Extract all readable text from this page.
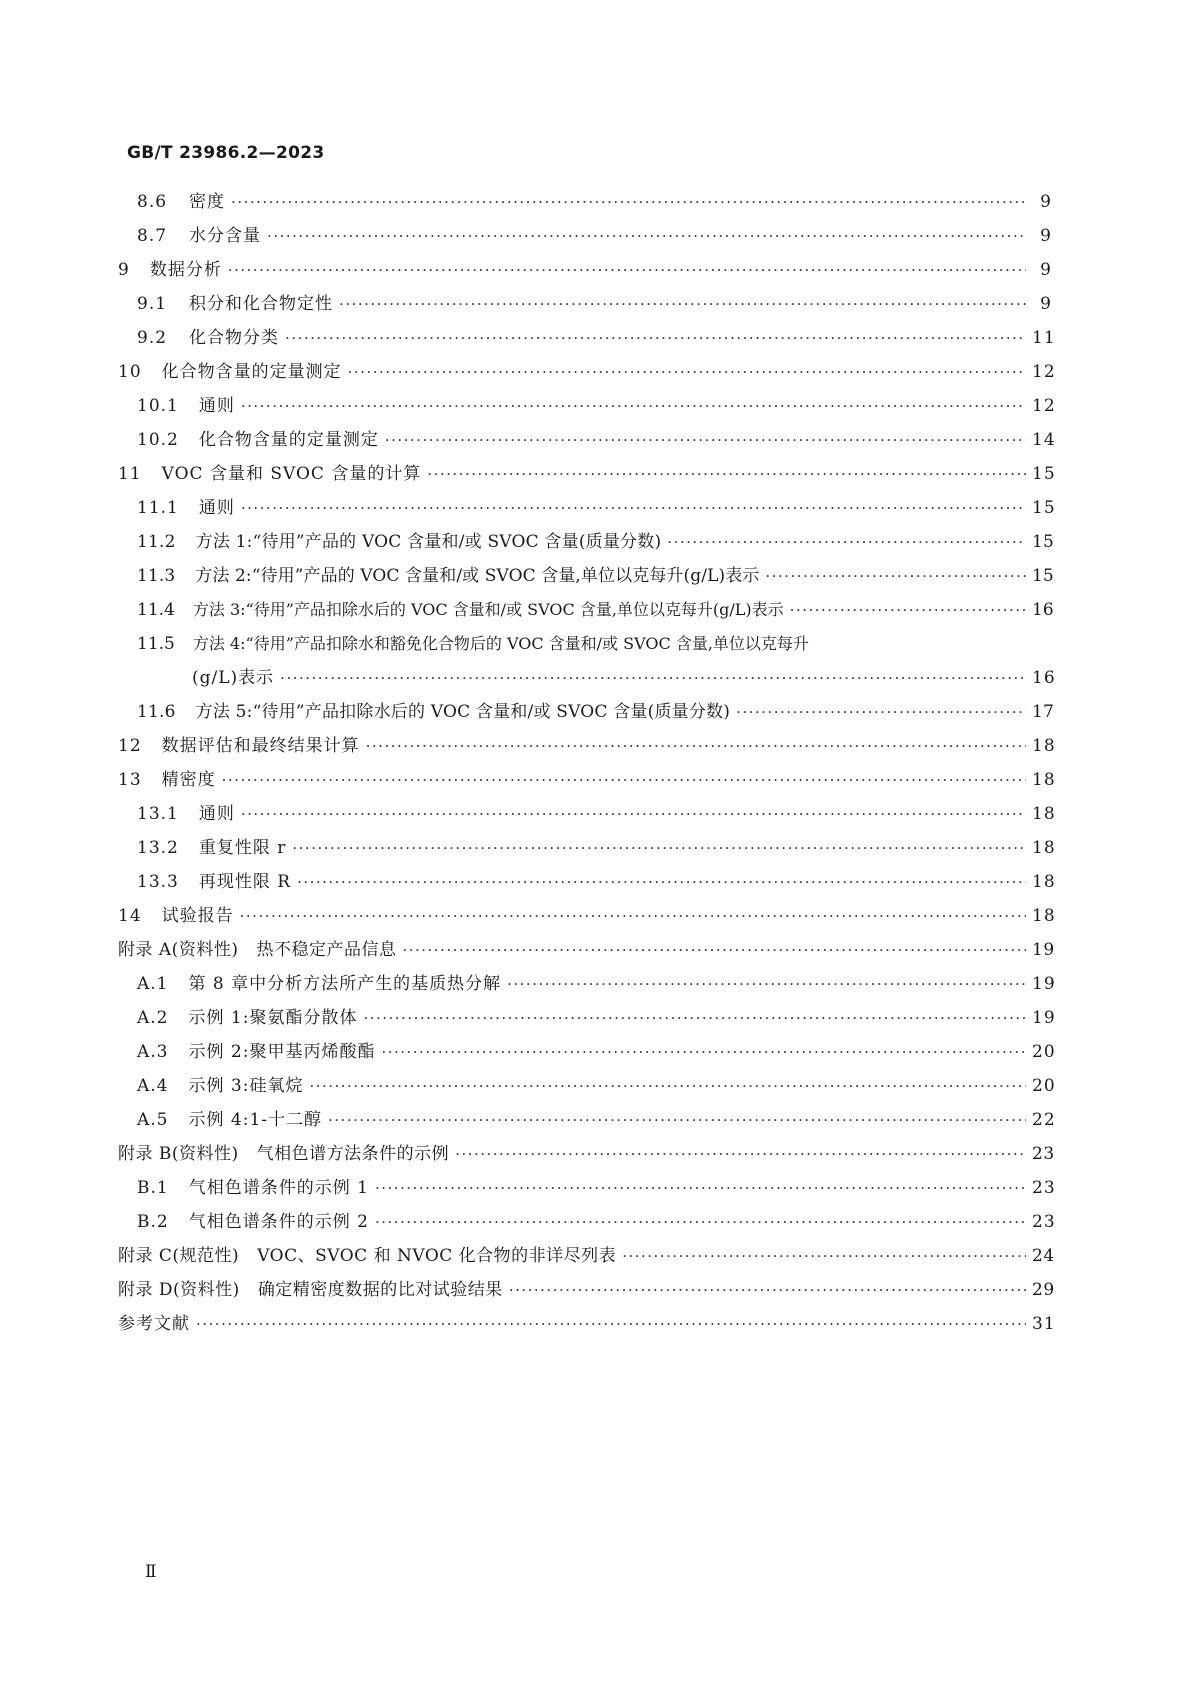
GB/T 23986.2—2023
8.6 密度 ·····	9
8.7 水分含量 ·····	9
9 数据分析 ·····	9
9.1 积分和化合物定性 ·····	9
9.2 化合物分类 ·····	11
10 化合物含量的定量测定 ·····	12
10.1 通则 ·····	12
10.2 化合物含量的定量测定 ·····	14
11 VOC 含量和 SVOC 含量的计算 ·····	15
11.1 通则 ·····	15
11.2 方法 1:“待用”产品的 VOC 含量和/或 SVOC 含量(质量分数) ·····	15
11.3 方法 2:“待用”产品的 VOC 含量和/或 SVOC 含量,单位以克每升(g/L)表示 ·····	15
11.4 方法 3:“待用”产品扣除水后的 VOC 含量和/或 SVOC 含量,单位以克每升(g/L)表示 ·····	16
11.5 方法 4:“待用”产品扣除水和豁免化合物后的 VOC 含量和/或 SVOC 含量,单位以克每升
(g/L)表示 ·····	16
11.6 方法 5:“待用”产品扣除水后的 VOC 含量和/或 SVOC 含量(质量分数) ·····	17
12 数据评估和最终结果计算 ·····	18
13 精密度 ·····	18
13.1 通则 ·····	18
13.2 重复性限 r ·····	18
13.3 再现性限 R ·····	18
14 试验报告 ·····	18
附录 A(资料性) 热不稳定产品信息 ·····	19
A.1 第 8 章中分析方法所产生的基质热分解 ·····	19
A.2 示例 1:聚氨酯分散体 ·····	19
A.3 示例 2:聚甲基丙烯酸酯 ·····	20
A.4 示例 3:硅氧烷 ·····	20
A.5 示例 4:1-十二醇 ·····	22
附录 B(资料性) 气相色谱方法条件的示例 ·····	23
B.1 气相色谱条件的示例 1 ·····	23
B.2 气相色谱条件的示例 2 ·····	23
附录 C(规范性) VOC、SVOC 和 NVOC 化合物的非详尽列表 ·····	24
附录 D(资料性) 确定精密度数据的比对试验结果 ·····	29
参考文献 ·····	31
Ⅱ
